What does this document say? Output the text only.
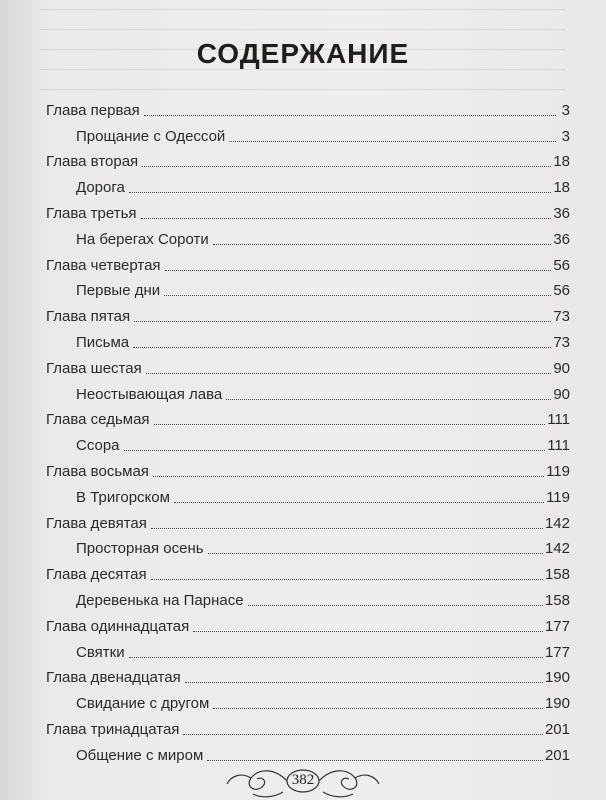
СОДЕРЖАНИЕ
Глава первая	3
Прощание с Одессой	3
Глава вторая	18
Дорога	18
Глава третья	36
На берегах Сороти	36
Глава четвертая	56
Первые дни	56
Глава пятая	73
Письма	73
Глава шестая	90
Неостывающая лава	90
Глава седьмая	111
Ссора	111
Глава восьмая	119
В Тригорском	119
Глава девятая	142
Просторная осень	142
Глава десятая	158
Деревенька на Парнасе	158
Глава одиннадцатая	177
Святки	177
Глава двенадцатая	190
Свидание с другом	190
Глава тринадцатая	201
Общение с миром	201
382
